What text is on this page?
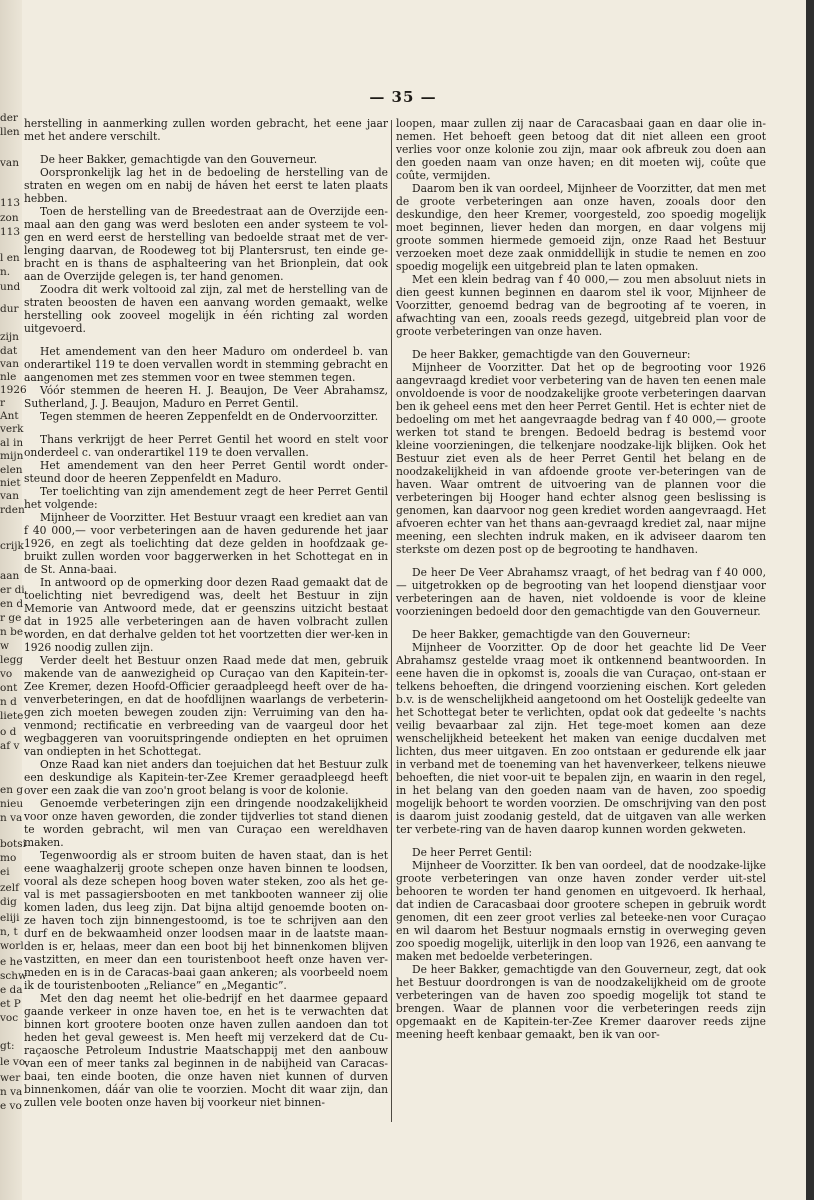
der
llen
van
113
zon
113
l en
n.
und
dur
zijn
dat
van
nle
1926
r
Ant
verk
al in
mijn
elen
niet
van
rden
crijk
aan
er di
en d
r ge
n be
w
legg
vo
ont
n d
liete
o d
af v
en g
nieu
n va
botsi
mo
ei
zelf
dig
eliji
n, t
worl
e he
schw
e da
et P
voc
gt:
le vo
wer
n va
e vo
— 35 —

herstelling in aanmerking zullen worden gebracht, het eene jaar met het andere verschilt.

De heer Bakker, gemachtigde van den Gouverneur.

Oorspronkelijk lag het in de bedoeling de herstelling van de straten en wegen om en nabij de háven het eerst te laten plaats hebben.

Toen de herstelling van de Breedestraat aan de Overzijde een-maal aan den gang was werd besloten een ander systeem te vol-gen en werd eerst de herstelling van bedoelde straat met de ver-lenging daarvan, de Roodeweg tot bij Plantersrust, ten einde ge-bracht en is thans de asphalteering van het Brionplein, dat ook aan de Overzijde gelegen is, ter hand genomen.

Zoodra dit werk voltooid zal zijn, zal met de herstelling van de straten beoosten de haven een aanvang worden gemaakt, welke herstelling ook zooveel mogelijk in één richting zal worden uitgevoerd.

Het amendement van den heer Maduro om onderdeel b. van onderartikel 119 te doen vervallen wordt in stemming gebracht en aangenomen met zes stemmen voor en twee stemmen tegen.

Vóór stemmen de heeren H. J. Beaujon, De Veer Abrahamsz, Sutherland, J. J. Beaujon, Maduro en Perret Gentil.

Tegen stemmen de heeren Zeppenfeldt en de Ondervoorzitter.

Thans verkrijgt de heer Perret Gentil het woord en stelt voor onderdeel c. van onderartikel 119 te doen vervallen.

Het amendement van den heer Perret Gentil wordt onder-steund door de heeren Zeppenfeldt en Maduro.

Ter toelichting van zijn amendement zegt de heer Perret Gentil het volgende:

Mijnheer de Voorzitter. Het Bestuur vraagt een krediet aan van f 40 000,— voor verbeteringen aan de haven gedurende het jaar 1926, en zegt als toelichting dat deze gelden in hoofdzaak ge-bruikt zullen worden voor baggerwerken in het Schottegat en in de St. Anna-baai.

In antwoord op de opmerking door dezen Raad gemaakt dat de toelichting niet bevredigend was, deelt het Bestuur in zijn Memorie van Antwoord mede, dat er geenszins uitzicht bestaat dat in 1925 alle verbeteringen aan de haven volbracht zullen worden, en dat derhalve gelden tot het voortzetten dier wer-ken in 1926 noodig zullen zijn.

Verder deelt het Bestuur onzen Raad mede dat men, gebruik makende van de aanwezigheid op Curaçao van den Kapitein-ter-Zee Kremer, dezen Hoofd-Officier geraadpleegd heeft over de ha-venverbeteringen, en dat de hoofdlijnen waarlangs de verbeterin-gen zich moeten bewegen zouden zijn: Verruiming van den ha-venmond; rectificatie en verbreeding van de vaargeul door het wegbaggeren van vooruitspringende ondiepten en het opruimen van ondiepten in het Schottegat.

Onze Raad kan niet anders dan toejuichen dat het Bestuur zulk een deskundige als Kapitein-ter-Zee Kremer geraadpleegd heeft over een zaak die van zoo'n groot belang is voor de kolonie.

Genoemde verbeteringen zijn een dringende noodzakelijkheid voor onze haven geworden, die zonder tijdverlies tot stand dienen te worden gebracht, wil men van Curaçao een wereldhaven maken.

Tegenwoordig als er stroom buiten de haven staat, dan is het eene waaghalzerij groote schepen onze haven binnen te loodsen, vooral als deze schepen hoog boven water steken, zoo als het ge-val is met passagiersbooten en met tankbooten wanneer zij olie komen laden, dus leeg zijn. Dat bijna altijd genoemde booten on-ze haven toch zijn binnengestoomd, is toe te schrijven aan den durf en de bekwaamheid onzer loodsen maar in de laatste maan-den is er, helaas, meer dan een boot bij het binnenkomen blijven vastzitten, en meer dan een touristenboot heeft onze haven ver-meden en is in de Caracas-baai gaan ankeren; als voorbeeld noem ik de touristenbooten „Reliance” en „Megantic”.

Met den dag neemt het olie-bedrijf en het daarmee gepaard gaande verkeer in onze haven toe, en het is te verwachten dat binnen kort grootere booten onze haven zullen aandoen dan tot heden het geval geweest is. Men heeft mij verzekerd dat de Cu-raçaosche Petroleum Industrie Maatschappij met den aanbouw van een of meer tanks zal beginnen in de nabijheid van Caracas-baai, ten einde booten, die onze haven niet kunnen of durven binnenkomen, dáár van olie te voorzien. Mocht dit waar zijn, dan zullen vele booten onze haven bij voorkeur niet binnen-

loopen, maar zullen zij naar de Caracasbaai gaan en daar olie in-nemen. Het behoeft geen betoog dat dit niet alleen een groot verlies voor onze kolonie zou zijn, maar ook afbreuk zou doen aan den goeden naam van onze haven; en dit moeten wij, coûte que coûte, vermijden.

Daarom ben ik van oordeel, Mijnheer de Voorzitter, dat men met de groote verbeteringen aan onze haven, zooals door den deskundige, den heer Kremer, voorgesteld, zoo spoedig mogelijk moet beginnen, liever heden dan morgen, en daar volgens mij groote sommen hiermede gemoeid zijn, onze Raad het Bestuur verzoeken moet deze zaak onmiddellijk in studie te nemen en zoo spoedig mogelijk een uitgebreid plan te laten opmaken.

Met een klein bedrag van f 40 000,— zou men absoluut niets in dien geest kunnen beginnen en daarom stel ik voor, Mijnheer de Voorzitter, genoemd bedrag van de begrooting af te voeren, in afwachting van een, zooals reeds gezegd, uitgebreid plan voor de groote verbeteringen van onze haven.

De heer Bakker, gemachtigde van den Gouverneur:

Mijnheer de Voorzitter. Dat het op de begrooting voor 1926 aangevraagd krediet voor verbetering van de haven ten eenen male onvoldoende is voor de noodzakelijke groote verbeteringen daarvan ben ik geheel eens met den heer Perret Gentil. Het is echter niet de bedoeling om met het aangevraagde bedrag van f 40 000,— groote werken tot stand te brengen. Bedoeld bedrag is bestemd voor kleine voorzieningen, die telkenjare noodzake-lijk blijken. Ook het Bestuur ziet even als de heer Perret Gentil het belang en de noodzakelijkheid in van afdoende groote ver-beteringen van de haven. Waar omtrent de uitvoering van de plannen voor die verbeteringen bij Hooger hand echter alsnog geen beslissing is genomen, kan daarvoor nog geen krediet worden aangevraagd. Het afvoeren echter van het thans aan-gevraagd krediet zal, naar mijne meening, een slechten indruk maken, en ik adviseer daarom ten sterkste om dezen post op de begrooting te handhaven.

De heer De Veer Abrahamsz vraagt, of het bedrag van f 40 000,— uitgetrokken op de begrooting van het loopend dienstjaar voor verbeteringen aan de haven, niet voldoende is voor de kleine voorzieningen bedoeld door den gemachtigde van den Gouverneur.

De heer Bakker, gemachtigde van den Gouverneur:

Mijnheer de Voorzitter. Op de door het geachte lid De Veer Abrahamsz gestelde vraag moet ik ontkennend beantwoorden. In eene haven die in opkomst is, zooals die van Curaçao, ont-staan er telkens behoeften, die dringend voorziening eischen. Kort geleden b.v. is de wenschelijkheid aangetoond om het Oostelijk gedeelte van het Schottegat beter te verlichten, opdat ook dat gedeelte 's nachts veilig bevaarbaar zal zijn. Het tege-moet komen aan deze wenschelijkheid beteekent het maken van eenige ducdalven met lichten, dus meer uitgaven. En zoo ontstaan er gedurende elk jaar in verband met de toeneming van het havenverkeer, telkens nieuwe behoeften, die niet voor-uit te bepalen zijn, en waarin in den regel, in het belang van den goeden naam van de haven, zoo spoedig mogelijk behoort te worden voorzien. De omschrijving van den post is daarom juist zoodanig gesteld, dat de uitgaven van alle werken ter verbete-ring van de haven daarop kunnen worden gekweten.

De heer Perret Gentil:

Mijnheer de Voorzitter. Ik ben van oordeel, dat de noodzake-lijke groote verbeteringen van onze haven zonder verder uit-stel behooren te worden ter hand genomen en uitgevoerd. Ik herhaal, dat indien de Caracasbaai door grootere schepen in gebruik wordt genomen, dit een zeer groot verlies zal beteeke-nen voor Curaçao en wil daarom het Bestuur nogmaals ernstig in overweging geven zoo spoedig mogelijk, uiterlijk in den loop van 1926, een aanvang te maken met bedoelde verbeteringen.

De heer Bakker, gemachtigde van den Gouverneur, zegt, dat ook het Bestuur doordrongen is van de noodzakelijkheid om de groote verbeteringen van de haven zoo spoedig mogelijk tot stand te brengen. Waar de plannen voor die verbeteringen reeds zijn opgemaakt en de Kapitein-ter-Zee Kremer daarover reeds zijne meening heeft kenbaar gemaakt, ben ik van oor-
